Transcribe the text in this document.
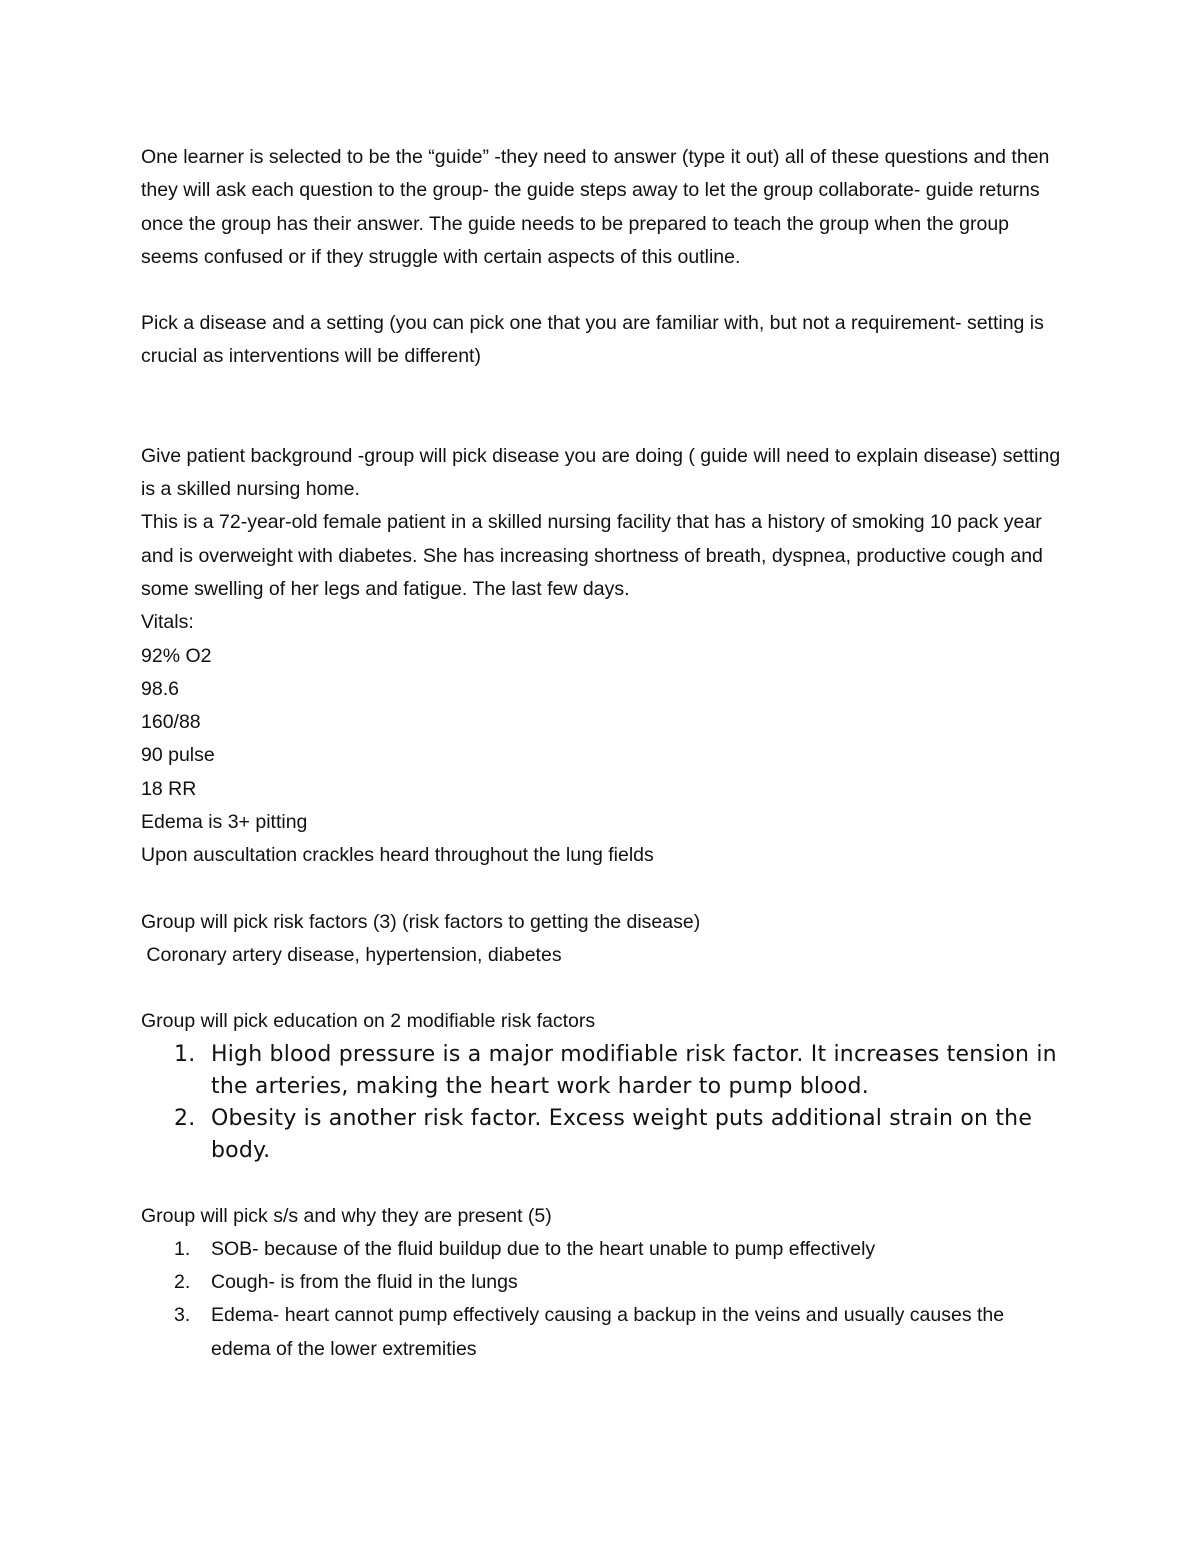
One learner is selected to be the “guide” -they need to answer (type it out) all of these questions and then they will ask each question to the group- the guide steps away to let the group collaborate- guide returns once the group has their answer. The guide needs to be prepared to teach the group when the group seems confused or if they struggle with certain aspects of this outline.

Pick a disease and a setting (you can pick one that you are familiar with, but not a requirement- setting is crucial as interventions will be different)

Give patient background -group will pick disease you are doing ( guide will need to explain disease) setting is a skilled nursing home.

This is a 72-year-old female patient in a skilled nursing facility that has a history of smoking 10 pack year and is overweight with diabetes. She has increasing shortness of breath, dyspnea, productive cough and some swelling of her legs and fatigue. The last few days.

Vitals:
92% O2
98.6
160/88
90 pulse
18 RR
Edema is 3+ pitting
Upon auscultation crackles heard throughout the lung fields
Group will pick risk factors (3) (risk factors to getting the disease)
Coronary artery disease, hypertension, diabetes
Group will pick education on 2 modifiable risk factors
1. High blood pressure is a major modifiable risk factor. It increases tension in the arteries, making the heart work harder to pump blood.
2. Obesity is another risk factor. Excess weight puts additional strain on the body.
Group will pick s/s and why they are present (5)
1. SOB- because of the fluid buildup due to the heart unable to pump effectively
2. Cough- is from the fluid in the lungs
3. Edema- heart cannot pump effectively causing a backup in the veins and usually causes the edema of the lower extremities
